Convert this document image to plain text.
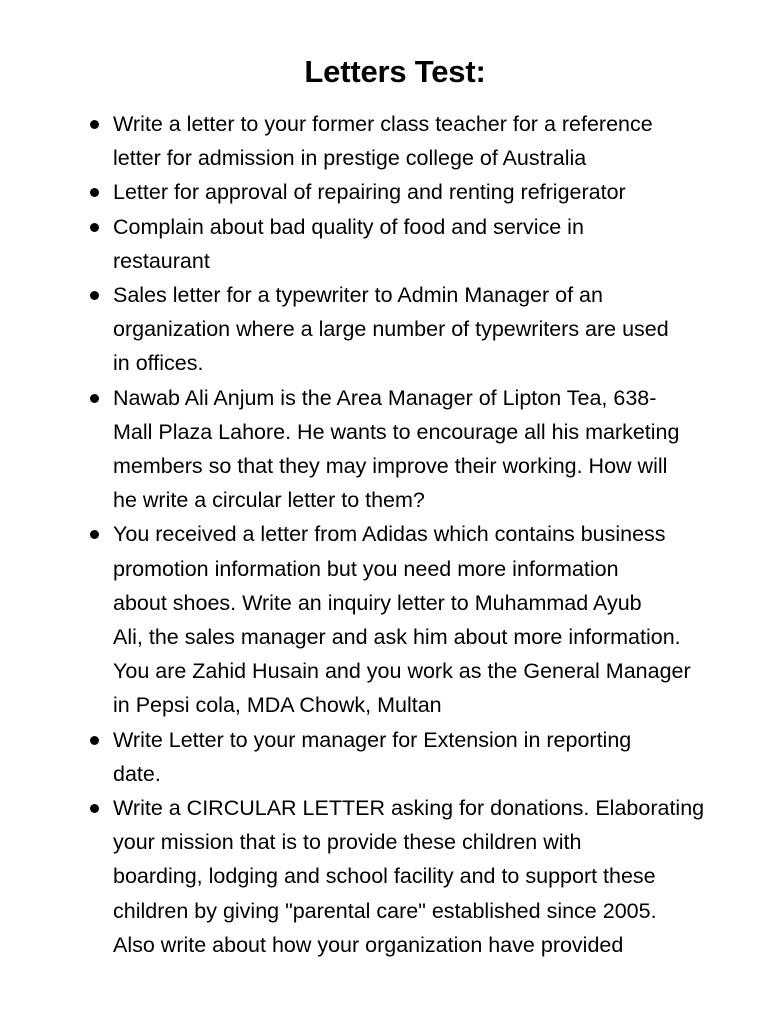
Letters Test:
Write a letter to your former class teacher for a reference
letter for admission in prestige college of Australia
Letter for approval of repairing and renting refrigerator
Complain about bad quality of food and service in
restaurant
Sales letter for a typewriter to Admin Manager of an
organization where a large number of typewriters are used
in offices.
Nawab Ali Anjum is the Area Manager of Lipton Tea, 638-
Mall Plaza Lahore. He wants to encourage all his marketing
members so that they may improve their working. How will
he write a circular letter to them?
You received a letter from Adidas which contains business
promotion information but you need more information
about shoes. Write an inquiry letter to Muhammad Ayub
Ali, the sales manager and ask him about more information.
You are Zahid Husain and you work as the General Manager
in Pepsi cola, MDA Chowk, Multan
Write Letter to your manager for Extension in reporting
date.
Write a CIRCULAR LETTER asking for donations. Elaborating
your mission that is to provide these children with
boarding, lodging and school facility and to support these
children by giving "parental care" established since 2005.
Also write about how your organization have provided
